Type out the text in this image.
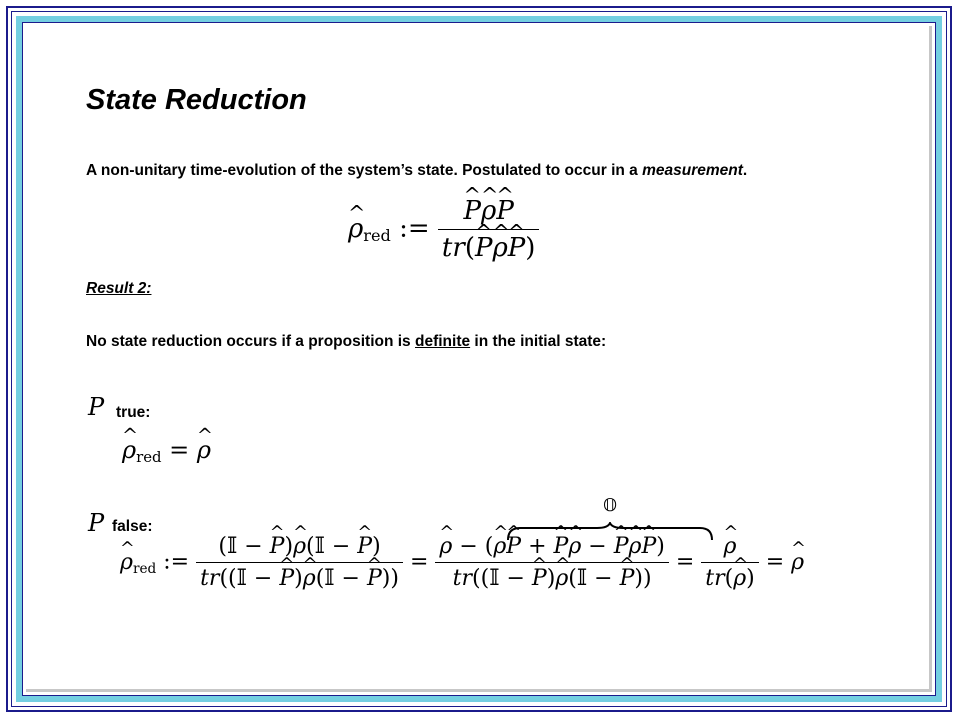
State Reduction
A non-unitary time-evolution of the system’s state. Postulated to occur in a measurement.
^ ρred := ^ $\frac{P\^{} \rho\^{} P}{tr(\^{} P\^{} \rho\^{} P)}$
Result 2:
No state reduction occurs if a proposition is definite in the initial state:
P true:
^ ρred = ^ ρ
P false:
𝕆
^ ρred := $\frac{\text{(𝕀 − \textasciicircum{} P)\textasciicircum{} ρ(𝕀 − \textasciicircum{} P)}}{\text{tr((𝕀 − \textasciicircum{} P)\textasciicircum{} ρ(𝕀 − \textasciicircum{} P))}}$ = ^ $\frac{\rho - (\^{} \rho\^{} P + \^{} P\^{} \rho - \^{} P\^{} \rho\^{} P)}{\text{tr((𝕀 − \textasciicircum{} P)\textasciicircum{} ρ(𝕀 − \textasciicircum{} P))}}$ = ^ $\frac{\rho}{tr(\^{} \rho)}$ = ^ ρ
